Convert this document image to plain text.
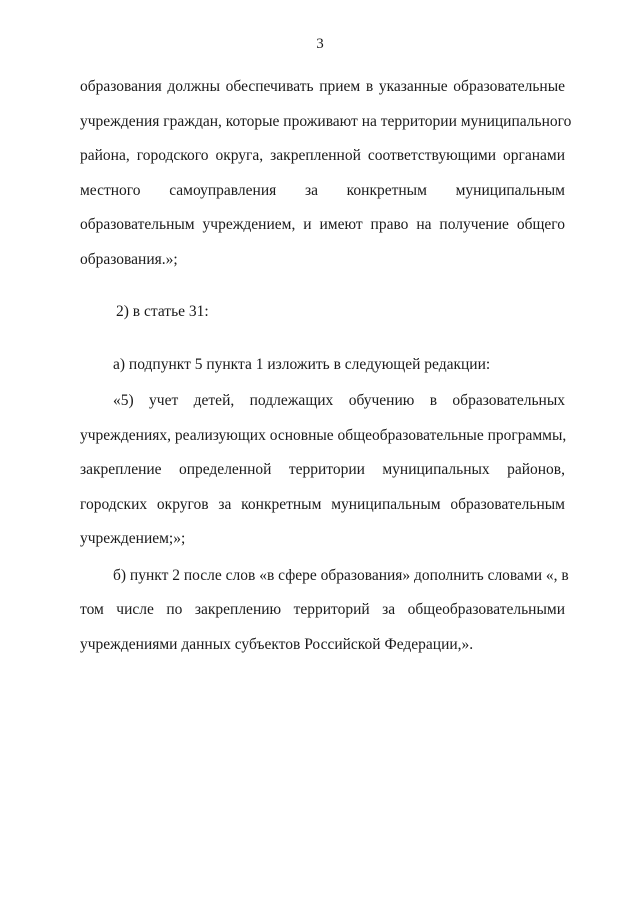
3
образования должны обеспечивать прием в указанные образовательные
учреждения граждан, которые проживают на территории муниципального
района, городского округа, закрепленной соответствующими органами
местного самоуправления за конкретным муниципальным
образовательным учреждением, и имеют право на получение общего
образования.»;
2) в статье 31:
а) подпункт 5 пункта 1 изложить в следующей редакции:
«5) учет детей, подлежащих обучению в образовательных
учреждениях, реализующих основные общеобразовательные программы,
закрепление определенной территории муниципальных районов,
городских округов за конкретным муниципальным образовательным
учреждением;»;
б) пункт 2 после слов «в сфере образования» дополнить словами «, в
том числе по закреплению территорий за общеобразовательными
учреждениями данных субъектов Российской Федерации,».
